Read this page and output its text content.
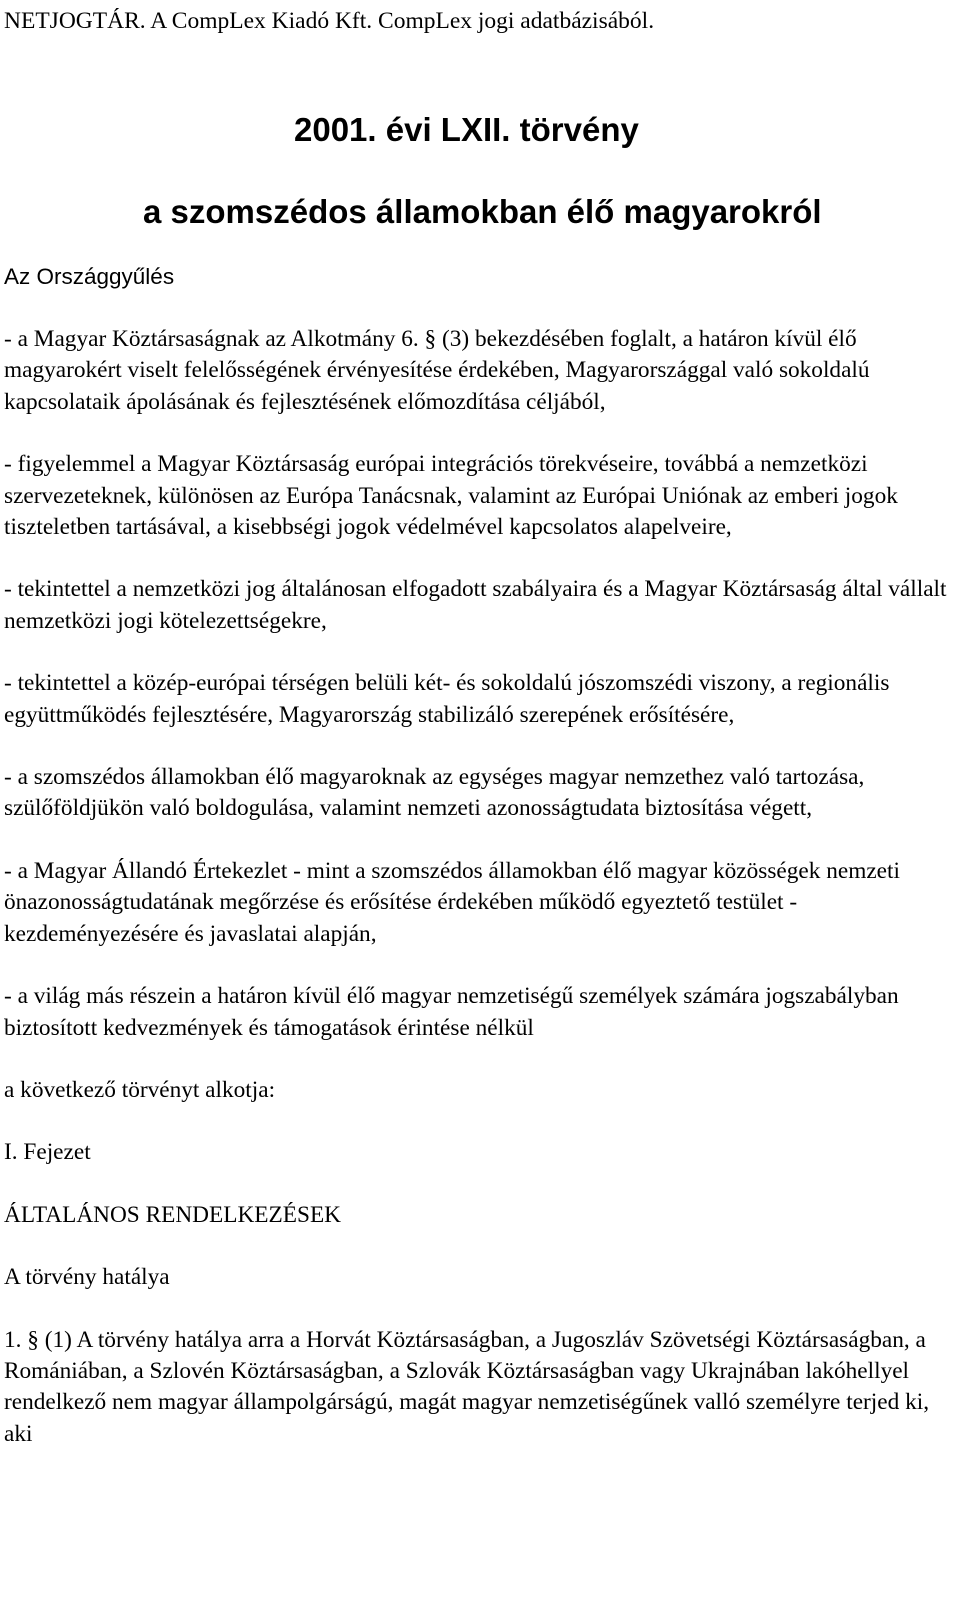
NETJOGTÁR. A CompLex Kiadó Kft. CompLex jogi adatbázisából.
2001. évi LXII. törvény
a szomszédos államokban élő magyarokról
Az Országgyűlés

- a Magyar Köztársaságnak az Alkotmány 6. § (3) bekezdésében foglalt, a határon kívül élő magyarokért viselt felelősségének érvényesítése érdekében, Magyarországgal való sokoldalú kapcsolataik ápolásának és fejlesztésének előmozdítása céljából,

- figyelemmel a Magyar Köztársaság európai integrációs törekvéseire, továbbá a nemzetközi szervezeteknek, különösen az Európa Tanácsnak, valamint az Európai Uniónak az emberi jogok tiszteletben tartásával, a kisebbségi jogok védelmével kapcsolatos alapelveire,

- tekintettel a nemzetközi jog általánosan elfogadott szabályaira és a Magyar Köztársaság által vállalt nemzetközi jogi kötelezettségekre,

- tekintettel a közép-európai térségen belüli két- és sokoldalú jószomszédi viszony, a regionális együttműködés fejlesztésére, Magyarország stabilizáló szerepének erősítésére,

- a szomszédos államokban élő magyaroknak az egységes magyar nemzethez való tartozása, szülőföldjükön való boldogulása, valamint nemzeti azonosságtudata biztosítása végett,

- a Magyar Állandó Értekezlet - mint a szomszédos államokban élő magyar közösségek nemzeti önazonosságtudatának megőrzése és erősítése érdekében működő egyeztető testület - kezdeményezésére és javaslatai alapján,

- a világ más részein a határon kívül élő magyar nemzetiségű személyek számára jogszabályban biztosított kedvezmények és támogatások érintése nélkül

a következő törvényt alkotja:

I. Fejezet

ÁLTALÁNOS RENDELKEZÉSEK

A törvény hatálya

1. § (1) A törvény hatálya arra a Horvát Köztársaságban, a Jugoszláv Szövetségi Köztársaságban, a Romániában, a Szlovén Köztársaságban, a Szlovák Köztársaságban vagy Ukrajnában lakóhellyel rendelkező nem magyar állampolgárságú, magát magyar nemzetiségűnek valló személyre terjed ki, aki
